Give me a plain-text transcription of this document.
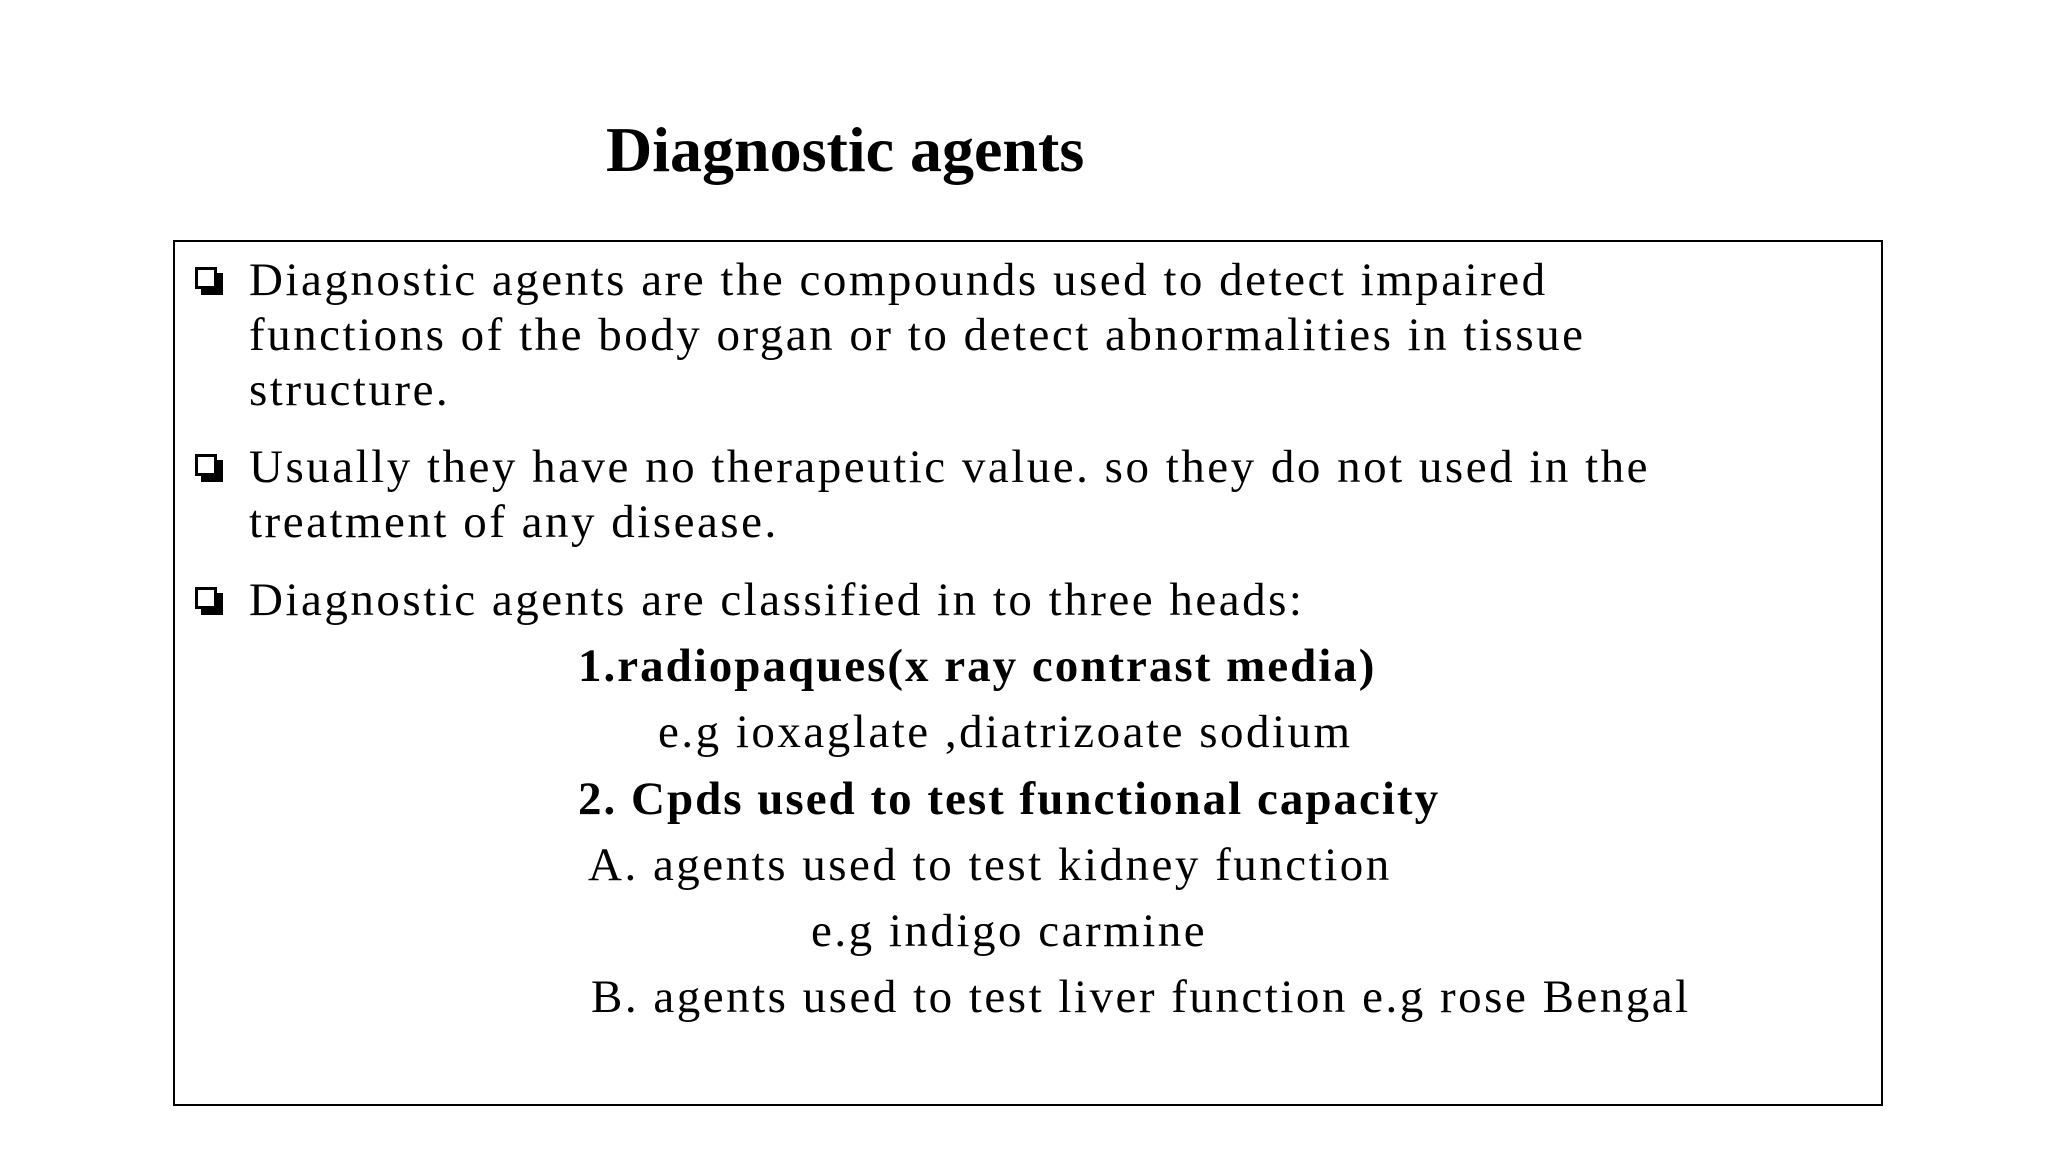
Diagnostic agents
Diagnostic agents are the compounds used to detect impaired
functions of the body organ or to detect abnormalities in tissue
structure.
Usually they have no therapeutic value. so they do not used in the
treatment of any disease.
Diagnostic agents are classified in to three heads:
1.radiopaques(x ray contrast media)
e.g ioxaglate ,diatrizoate sodium
2. Cpds used to test functional capacity
A. agents used to test kidney function
e.g indigo carmine
B. agents used to test liver function e.g rose Bengal
